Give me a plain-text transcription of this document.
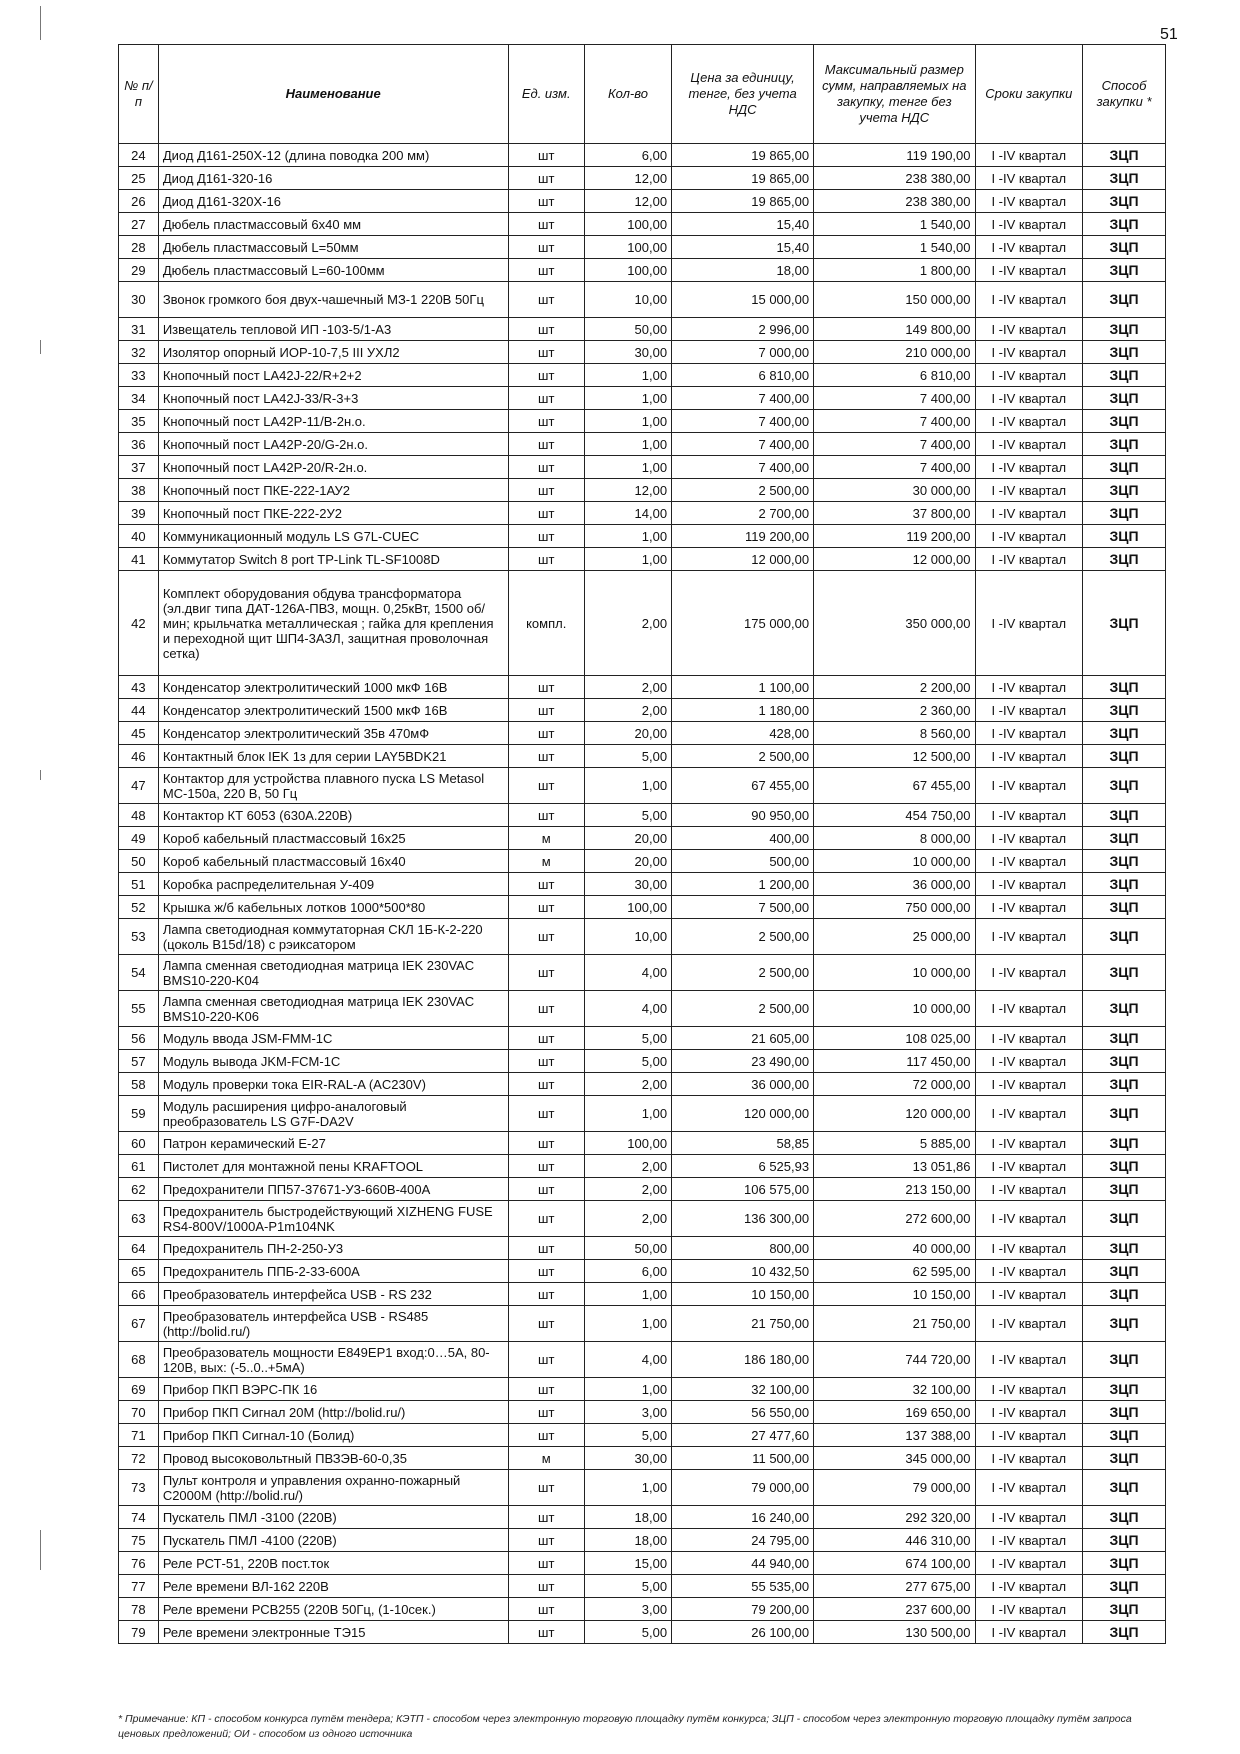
51
№ п/п	Наименование	Ед. изм.	Кол-во	Цена за единицу, тенге, без учета НДС	Максимальный размер сумм, направляемых на закупку, тенге без учета НДС	Сроки закупки	Способ закупки *
24	Диод Д161-250Х-12 (длина поводка 200 мм)	шт	6,00	19 865,00	119 190,00	I -IV квартал	ЗЦП
25	Диод Д161-320-16	шт	12,00	19 865,00	238 380,00	I -IV квартал	ЗЦП
26	Диод Д161-320Х-16	шт	12,00	19 865,00	238 380,00	I -IV квартал	ЗЦП
27	Дюбель пластмассовый 6х40 мм	шт	100,00	15,40	1 540,00	I -IV квартал	ЗЦП
28	Дюбель пластмассовый L=50мм	шт	100,00	15,40	1 540,00	I -IV квартал	ЗЦП
29	Дюбель пластмассовый L=60-100мм	шт	100,00	18,00	1 800,00	I -IV квартал	ЗЦП
30	Звонок громкого боя двух-чашечный МЗ-1 220В 50Гц	шт	10,00	15 000,00	150 000,00	I -IV квартал	ЗЦП
31	Извещатель тепловой ИП -103-5/1-А3	шт	50,00	2 996,00	149 800,00	I -IV квартал	ЗЦП
32	Изолятор опорный ИОР-10-7,5 III УХЛ2	шт	30,00	7 000,00	210 000,00	I -IV квартал	ЗЦП
33	Кнопочный пост LA42J-22/R+2+2	шт	1,00	6 810,00	6 810,00	I -IV квартал	ЗЦП
34	Кнопочный пост LA42J-33/R-3+3	шт	1,00	7 400,00	7 400,00	I -IV квартал	ЗЦП
35	Кнопочный пост LA42P-11/B-2н.о.	шт	1,00	7 400,00	7 400,00	I -IV квартал	ЗЦП
36	Кнопочный пост LA42P-20/G-2н.о.	шт	1,00	7 400,00	7 400,00	I -IV квартал	ЗЦП
37	Кнопочный пост LA42P-20/R-2н.о.	шт	1,00	7 400,00	7 400,00	I -IV квартал	ЗЦП
38	Кнопочный пост ПКЕ-222-1АУ2	шт	12,00	2 500,00	30 000,00	I -IV квартал	ЗЦП
39	Кнопочный пост ПКЕ-222-2У2	шт	14,00	2 700,00	37 800,00	I -IV квартал	ЗЦП
40	Коммуникационный модуль LS G7L-CUEC	шт	1,00	119 200,00	119 200,00	I -IV квартал	ЗЦП
41	Коммутатор Switch 8 port TP-Link TL-SF1008D	шт	1,00	12 000,00	12 000,00	I -IV квартал	ЗЦП
42	Комплект оборудования обдува трансформатора (эл.двиг типа ДАТ-126А-ПВЗ, мощн. 0,25кВт, 1500 об/мин; крыльчатка металлическая ; гайка для крепления и переходной щит ШП4-3АЗЛ, защитная проволочная сетка)	компл.	2,00	175 000,00	350 000,00	I -IV квартал	ЗЦП
43	Конденсатор электролитический 1000 мкФ 16В	шт	2,00	1 100,00	2 200,00	I -IV квартал	ЗЦП
44	Конденсатор электролитический 1500 мкФ 16В	шт	2,00	1 180,00	2 360,00	I -IV квартал	ЗЦП
45	Конденсатор электролитический 35в 470мФ	шт	20,00	428,00	8 560,00	I -IV квартал	ЗЦП
46	Контактный блок IEK 1з для серии LAY5BDK21	шт	5,00	2 500,00	12 500,00	I -IV квартал	ЗЦП
47	Контактор для устройства плавного пуска LS Metasol MC-150a, 220 В, 50 Гц	шт	1,00	67 455,00	67 455,00	I -IV квартал	ЗЦП
48	Контактор КТ 6053 (630А.220В)	шт	5,00	90 950,00	454 750,00	I -IV квартал	ЗЦП
49	Короб кабельный пластмассовый 16х25	м	20,00	400,00	8 000,00	I -IV квартал	ЗЦП
50	Короб кабельный пластмассовый 16х40	м	20,00	500,00	10 000,00	I -IV квартал	ЗЦП
51	Коробка распределительная У-409	шт	30,00	1 200,00	36 000,00	I -IV квартал	ЗЦП
52	Крышка ж/б кабельных лотков 1000*500*80	шт	100,00	7 500,00	750 000,00	I -IV квартал	ЗЦП
53	Лампа светодиодная коммутаторная СКЛ 1Б-К-2-220 (цоколь B15d/18) с рэиксатором	шт	10,00	2 500,00	25 000,00	I -IV квартал	ЗЦП
54	Лампа сменная светодиодная матрица IEK 230VAC BMS10-220-K04	шт	4,00	2 500,00	10 000,00	I -IV квартал	ЗЦП
55	Лампа сменная светодиодная матрица IEK 230VAC BMS10-220-K06	шт	4,00	2 500,00	10 000,00	I -IV квартал	ЗЦП
56	Модуль ввода JSM-FMM-1C	шт	5,00	21 605,00	108 025,00	I -IV квартал	ЗЦП
57	Модуль вывода JKM-FCM-1C	шт	5,00	23 490,00	117 450,00	I -IV квартал	ЗЦП
58	Модуль проверки тока EIR-RAL-A (AC230V)	шт	2,00	36 000,00	72 000,00	I -IV квартал	ЗЦП
59	Модуль расширения цифро-аналоговый преобразователь LS G7F-DA2V	шт	1,00	120 000,00	120 000,00	I -IV квартал	ЗЦП
60	Патрон керамический Е-27	шт	100,00	58,85	5 885,00	I -IV квартал	ЗЦП
61	Пистолет для монтажной пены KRAFTOOL	шт	2,00	6 525,93	13 051,86	I -IV квартал	ЗЦП
62	Предохранители ПП57-37671-У3-660В-400А	шт	2,00	106 575,00	213 150,00	I -IV квартал	ЗЦП
63	Предохранитель быстродействующий XIZHENG FUSE RS4-800V/1000A-P1m104NK	шт	2,00	136 300,00	272 600,00	I -IV квартал	ЗЦП
64	Предохранитель ПН-2-250-У3	шт	50,00	800,00	40 000,00	I -IV квартал	ЗЦП
65	Предохранитель ППБ-2-3З-600А	шт	6,00	10 432,50	62 595,00	I -IV квартал	ЗЦП
66	Преобразователь интерфейса USB - RS 232	шт	1,00	10 150,00	10 150,00	I -IV квартал	ЗЦП
67	Преобразователь интерфейса USB - RS485 (http://bolid.ru/)	шт	1,00	21 750,00	21 750,00	I -IV квартал	ЗЦП
68	Преобразователь мощности Е849ЕР1 вход:0…5А, 80-120В, вых: (-5..0..+5мА)	шт	4,00	186 180,00	744 720,00	I -IV квартал	ЗЦП
69	Прибор ПКП ВЭРС-ПК 16	шт	1,00	32 100,00	32 100,00	I -IV квартал	ЗЦП
70	Прибор ПКП Сигнал 20М (http://bolid.ru/)	шт	3,00	56 550,00	169 650,00	I -IV квартал	ЗЦП
71	Прибор ПКП Сигнал-10 (Болид)	шт	5,00	27 477,60	137 388,00	I -IV квартал	ЗЦП
72	Провод высоковольтный ПВЗЭВ-60-0,35	м	30,00	11 500,00	345 000,00	I -IV квартал	ЗЦП
73	Пульт контроля и управления охранно-пожарный С2000М (http://bolid.ru/)	шт	1,00	79 000,00	79 000,00	I -IV квартал	ЗЦП
74	Пускатель ПМЛ -3100 (220В)	шт	18,00	16 240,00	292 320,00	I -IV квартал	ЗЦП
75	Пускатель ПМЛ -4100 (220В)	шт	18,00	24 795,00	446 310,00	I -IV квартал	ЗЦП
76	Реле РСТ-51, 220В пост.ток	шт	15,00	44 940,00	674 100,00	I -IV квартал	ЗЦП
77	Реле времени ВЛ-162 220В	шт	5,00	55 535,00	277 675,00	I -IV квартал	ЗЦП
78	Реле времени РСВ255 (220В 50Гц, (1-10сек.)	шт	3,00	79 200,00	237 600,00	I -IV квартал	ЗЦП
79	Реле времени электронные ТЭ15	шт	5,00	26 100,00	130 500,00	I -IV квартал	ЗЦП
* Примечание: КП - способом конкурса путём тендера; КЭТП - способом через электронную торговую площадку путём конкурса; ЗЦП - способом через электронную торговую площадку путём запроса ценовых предложений; ОИ - способом из одного источника
